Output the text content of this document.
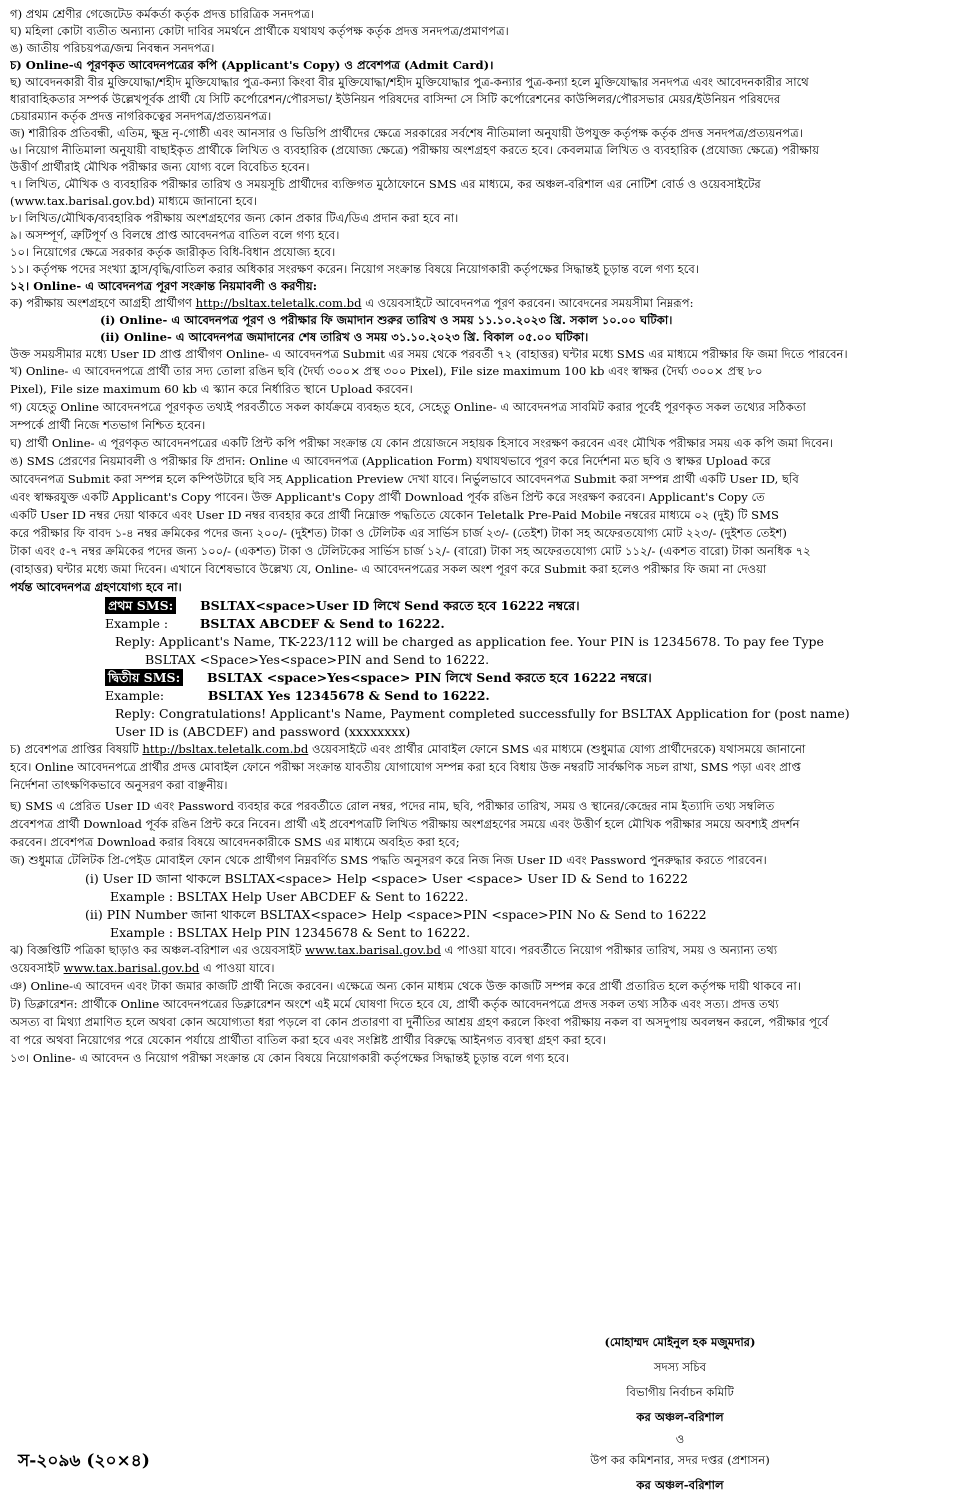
গ) প্রথম শ্রেণীর গেজেটেড কর্মকর্তা কর্তৃক প্রদত্ত চারিত্রিক সনদপত্র।
ঘ) মহিলা কোটা ব্যতীত অন্যান্য কোটা দাবির সমর্থনে প্রার্থীকে যথাযথ কর্তৃপক্ষ কর্তৃক প্রদত্ত সনদপত্র/প্রমাণপত্র।
ঙ) জাতীয় পরিচয়পত্র/জন্ম নিবন্ধন সনদপত্র।
চ) Online-এ পূরণকৃত আবেদনপত্রের কপি (Applicant's Copy) ও প্রবেশপত্র (Admit Card)।
ছ) আবেদনকারী বীর মুক্তিযোদ্ধা/শহীদ মুক্তিযোদ্ধার পুত্র-কন্যা কিংবা বীর মুক্তিযোদ্ধা/শহীদ মুক্তিযোদ্ধার পুত্র-কন্যার পুত্র-কন্যা হলে মুক্তিযোদ্ধার সনদপত্র এবং আবেদনকারীর সাথে
ধারাবাহিকতার সম্পর্ক উল্লেখপূর্বক প্রার্থী যে সিটি কর্পোরেশন/পৌরসভা/ ইউনিয়ন পরিষদের বাসিন্দা সে সিটি কর্পোরেশনের কাউন্সিলর/পৌরসভার মেয়র/ইউনিয়ন পরিষদের
চেয়ারম্যান কর্তৃক প্রদত্ত নাগরিকত্বের সনদপত্র/প্রত্যয়নপত্র।
জ) শারীরিক প্রতিবন্ধী, এতিম, ক্ষুদ্র নৃ-গোষ্ঠী এবং আনসার ও ভিডিপি প্রার্থীদের ক্ষেত্রে সরকারের সর্বশেষ নীতিমালা অনুযায়ী উপযুক্ত কর্তৃপক্ষ কর্তৃক প্রদত্ত সনদপত্র/প্রত্যয়নপত্র।
৬। নিয়োগ নীতিমালা অনুযায়ী বাছাইকৃত প্রার্থীকে লিখিত ও ব্যবহারিক (প্রযোজ্য ক্ষেত্রে) পরীক্ষায় অংশগ্রহণ করতে হবে। কেবলমাত্র লিখিত ও ব্যবহারিক (প্রযোজ্য ক্ষেত্রে) পরীক্ষায়
উত্তীর্ণ প্রার্থীরাই মৌখিক পরীক্ষার জন্য যোগ্য বলে বিবেচিত হবেন।
৭। লিখিত, মৌখিক ও ব্যবহারিক পরীক্ষার তারিখ ও সময়সূচি প্রার্থীদের ব্যক্তিগত মুঠোফোনে SMS এর মাধ্যমে, কর অঞ্চল-বরিশাল এর নোটিশ বোর্ড ও ওয়েবসাইটের
(www.tax.barisal.gov.bd) মাধ্যমে জানানো হবে।
৮। লিখিত/মৌখিক/ব্যবহারিক পরীক্ষায় অংশগ্রহণের জন্য কোন প্রকার টিএ/ডিএ প্রদান করা হবে না।
৯। অসম্পূর্ণ, ত্রুটিপূর্ণ ও বিলম্বে প্রাপ্ত আবেদনপত্র বাতিল বলে গণ্য হবে।
১০। নিয়োগের ক্ষেত্রে সরকার কর্তৃক জারীকৃত বিধি-বিধান প্রযোজ্য হবে।
১১। কর্তৃপক্ষ পদের সংখ্যা হ্রাস/বৃদ্ধি/বাতিল করার অধিকার সংরক্ষণ করেন। নিয়োগ সংক্রান্ত বিষয়ে নিয়োগকারী কর্তৃপক্ষের সিদ্ধান্তই চূড়ান্ত বলে গণ্য হবে।
১২। Online- এ আবেদনপত্র পূরণ সংক্রান্ত নিয়মাবলী ও করণীয়:
ক) পরীক্ষায় অংশগ্রহণে আগ্রহী প্রার্থীগণ http://bsltax.teletalk.com.bd এ ওয়েবসাইটে আবেদনপত্র পূরণ করবেন। আবেদনের সময়সীমা নিম্নরূপ:
(i) Online- এ আবেদনপত্র পূরণ ও পরীক্ষার ফি জমাদান শুরুর তারিখ ও সময় ১১.১০.২০২৩ খ্রি. সকাল ১০.০০ ঘটিকা।
(ii) Online- এ আবেদনপত্র জমাদানের শেষ তারিখ ও সময় ৩১.১০.২০২৩ খ্রি. বিকাল ০৫.০০ ঘটিকা।
উক্ত সময়সীমার মধ্যে User ID প্রাপ্ত প্রার্থীগণ Online- এ আবেদনপত্র Submit এর সময় থেকে পরবর্তী ৭২ (বাহাত্তর) ঘন্টার মধ্যে SMS এর মাধ্যমে পরীক্ষার ফি জমা দিতে পারবেন।
খ) Online- এ আবেদনপত্রে প্রার্থী তার সদ্য তোলা রঙিন ছবি (দৈর্ঘ্য ৩০০× প্রস্থ ৩০০ Pixel), File size maximum 100 kb এবং স্বাক্ষর (দৈর্ঘ্য ৩০০× প্রস্থ ৮০
Pixel), File size maximum 60 kb এ স্ক্যান করে নির্ধারিত স্থানে Upload করবেন।
গ) যেহেতু Online আবেদনপত্রে পূরণকৃত তথ্যই পরবর্তীতে সকল কার্যক্রমে ব্যবহৃত হবে, সেহেতু Online- এ আবেদনপত্র সাবমিট করার পূর্বেই পূরণকৃত সকল তথ্যের সঠিকতা
সম্পর্কে প্রার্থী নিজে শতভাগ নিশ্চিত হবেন।
ঘ) প্রার্থী Online- এ পূরণকৃত আবেদনপত্রের একটি প্রিন্ট কপি পরীক্ষা সংক্রান্ত যে কোন প্রয়োজনে সহায়ক হিসাবে সংরক্ষণ করবেন এবং মৌখিক পরীক্ষার সময় এক কপি জমা দিবেন।
ঙ) SMS প্রেরণের নিয়মাবলী ও পরীক্ষার ফি প্রদান: Online এ আবেদনপত্র (Application Form) যথাযথভাবে পূরণ করে নির্দেশনা মত ছবি ও স্বাক্ষর Upload করে
আবেদনপত্র Submit করা সম্পন্ন হলে কম্পিউটারে ছবি সহ Application Preview দেখা যাবে। নির্ভুলভাবে আবেদনপত্র Submit করা সম্পন্ন প্রার্থী একটি User ID, ছবি
এবং স্বাক্ষরযুক্ত একটি Applicant's Copy পাবেন। উক্ত Applicant's Copy প্রার্থী Download পূর্বক রঙিন প্রিন্ট করে সংরক্ষণ করবেন। Applicant's Copy তে
একটি User ID নম্বর দেয়া থাকবে এবং User ID নম্বর ব্যবহার করে প্রার্থী নিম্নোক্ত পদ্ধতিতে যেকোন Teletalk Pre-Paid Mobile নম্বরের মাধ্যমে ০২ (দুই) টি SMS
করে পরীক্ষার ফি বাবদ ১-৪ নম্বর ক্রমিকের পদের জন্য ২০০/- (দুইশত) টাকা ও টেলিটক এর সার্ভিস চার্জ ২৩/- (তেইশ) টাকা সহ অফেরতযোগ্য মোট ২২৩/- (দুইশত তেইশ)
টাকা এবং ৫-৭ নম্বর ক্রমিকের পদের জন্য ১০০/- (একশত) টাকা ও টেলিটকের সার্ভিস চার্জ ১২/- (বারো) টাকা সহ অফেরতযোগ্য মোট ১১২/- (একশত বারো) টাকা অনধিক ৭২
(বাহাত্তর) ঘন্টার মধ্যে জমা দিবেন। এখানে বিশেষভাবে উল্লেখ্য যে, Online- এ আবেদনপত্রের সকল অংশ পূরণ করে Submit করা হলেও পরীক্ষার ফি জমা না দেওয়া
পর্যন্ত আবেদনপত্র গ্রহণযোগ্য হবে না।
প্রথম SMS: BSLTAX<space>User ID লিখে Send করতে হবে 16222 নম্বরে।
Example :	BSLTAX ABCDEF & Send to 16222.
Reply: Applicant's Name, TK-223/112 will be charged as application fee. Your PIN is 12345678. To pay fee Type
BSLTAX <Space>Yes<space>PIN and Send to 16222.
দ্বিতীয় SMS: BSLTAX <space>Yes<space> PIN লিখে Send করতে হবে 16222 নম্বরে।
Example:	BSLTAX Yes 12345678 & Send to 16222.
Reply: Congratulations! Applicant's Name, Payment completed successfully for BSLTAX Application for (post name)
User ID is (ABCDEF) and password (xxxxxxxx)
চ) প্রবেশপত্র প্রাপ্তির বিষয়টি http://bsltax.teletalk.com.bd ওয়েবসাইটে এবং প্রার্থীর মোবাইল ফোনে SMS এর মাধ্যমে (শুধুমাত্র যোগ্য প্রার্থীদেরকে) যথাসময়ে জানানো
হবে। Online আবেদনপত্রে প্রার্থীর প্রদত্ত মোবাইল ফোনে পরীক্ষা সংক্রান্ত যাবতীয় যোগাযোগ সম্পন্ন করা হবে বিধায় উক্ত নম্বরটি সার্বক্ষণিক সচল রাখা, SMS পড়া এবং প্রাপ্ত
নির্দেশনা তাৎক্ষণিকভাবে অনুসরণ করা বাঞ্ছনীয়।
ছ) SMS এ প্রেরিত User ID এবং Password ব্যবহার করে পরবর্তীতে রোল নম্বর, পদের নাম, ছবি, পরীক্ষার তারিখ, সময় ও স্থানের/কেন্দ্রের নাম ইত্যাদি তথ্য সম্বলিত
প্রবেশপত্র প্রার্থী Download পূর্বক রঙিন প্রিন্ট করে নিবেন। প্রার্থী এই প্রবেশপত্রটি লিখিত পরীক্ষায় অংশগ্রহণের সময়ে এবং উত্তীর্ণ হলে মৌখিক পরীক্ষার সময়ে অবশ্যই প্রদর্শন
করবেন। প্রবেশপত্র Download করার বিষয়ে আবেদনকারীকে SMS এর মাধ্যমে অবহিত করা হবে;
জ) শুধুমাত্র টেলিটক প্রি-পেইড মোবাইল ফোন থেকে প্রার্থীগণ নিম্নবর্ণিত SMS পদ্ধতি অনুসরণ করে নিজ নিজ User ID এবং Password পুনরুদ্ধার করতে পারবেন।
(i) User ID জানা থাকলে BSLTAX<space> Help <space> User <space> User ID & Send to 16222
Example : BSLTAX Help User ABCDEF & Sent to 16222.
(ii) PIN Number জানা থাকলে BSLTAX<space> Help <space>PIN <space>PIN No & Send to 16222
Example : BSLTAX Help PIN 12345678 & Sent to 16222.
ঝ) বিজ্ঞপ্তিটি পত্রিকা ছাড়াও কর অঞ্চল-বরিশাল এর ওয়েবসাইট www.tax.barisal.gov.bd এ পাওয়া যাবে। পরবর্তীতে নিয়োগ পরীক্ষার তারিখ, সময় ও অন্যান্য তথ্য
ওয়েবসাইট www.tax.barisal.gov.bd এ পাওয়া যাবে।
ঞ) Online-এ আবেদন এবং টাকা জমার কাজটি প্রার্থী নিজে করবেন। এক্ষেত্রে অন্য কোন মাধ্যম থেকে উক্ত কাজটি সম্পন্ন করে প্রার্থী প্রতারিত হলে কর্তৃপক্ষ দায়ী থাকবে না।
ট) ডিক্লারেশন: প্রার্থীকে Online আবেদনপত্রের ডিক্লারেশন অংশে এই মর্মে ঘোষণা দিতে হবে যে, প্রার্থী কর্তৃক আবেদনপত্রে প্রদত্ত সকল তথ্য সঠিক এবং সত্য। প্রদত্ত তথ্য
অসত্য বা মিথ্যা প্রমাণিত হলে অথবা কোন অযোগ্যতা ধরা পড়লে বা কোন প্রতারণা বা দুর্নীতির আশ্রয় গ্রহণ করলে কিংবা পরীক্ষায় নকল বা অসদুপায় অবলম্বন করলে, পরীক্ষার পূর্বে
বা পরে অথবা নিয়োগের পরে যেকোন পর্যায়ে প্রার্থীতা বাতিল করা হবে এবং সংশ্লিষ্ট প্রার্থীর বিরুদ্ধে আইনগত ব্যবস্থা গ্রহণ করা হবে।
১৩। Online- এ আবেদন ও নিয়োগ পরীক্ষা সংক্রান্ত যে কোন বিষয়ে নিয়োগকারী কর্তৃপক্ষের সিদ্ধান্তই চূড়ান্ত বলে গণ্য হবে।
(মোহাম্মদ মোইনুল হক মজুমদার)
সদস্য সচিব
বিভাগীয় নির্বাচন কমিটি
কর অঞ্চল-বরিশাল
ও
উপ কর কমিশনার, সদর দপ্তর (প্রশাসন)
কর অঞ্চল-বরিশাল
স-২০৯৬ (২০×৪)
